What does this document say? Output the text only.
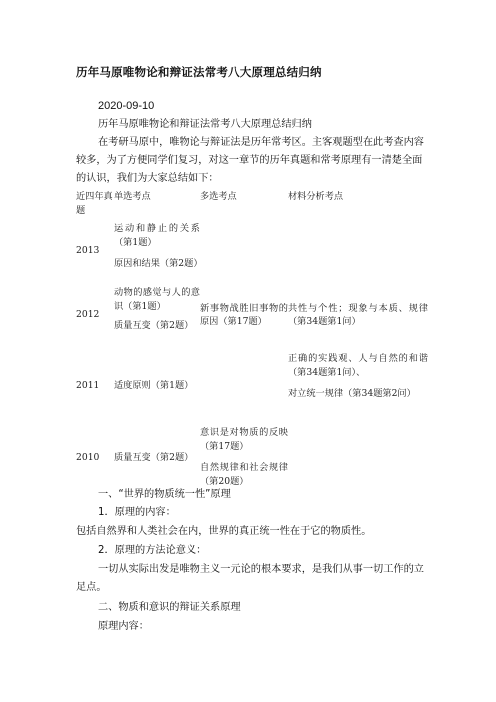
历年马原唯物论和辩证法常考八大原理总结归纳
2020-09-10
历年马原唯物论和辩证法常考八大原理总结归纳
在考研马原中，唯物论与辩证法是历年常考区。主客观题型在此考查内容较多，为了方便同学们复习，对这一章节的历年真题和常考原理有一清楚全面的认识，我们为大家总结如下：
近四年真题	单选考点	多选考点	材料分析考点
2013	运动和静止的关系（第1题）
原因和结果（第2题）		

2012	动物的感觉与人的意识（第1题）
质量互变（第2题）	新事物战胜旧事物的原因（第17题）	共性与个性；现象与本质、规律（第34题第1问）

2011	适度原则（第1题）		正确的实践观、人与自然的和谐（第34题第1问）、
对立统一规律（第34题第2问）

2010	质量互变（第2题）	意识是对物质的反映（第17题）
自然规律和社会规律（第20题）	

一、“世界的物质统一性”原理
1．原理的内容：
包括自然界和人类社会在内，世界的真正统一性在于它的物质性。
2．原理的方法论意义：
一切从实际出发是唯物主义一元论的根本要求，是我们从事一切工作的立足点。
二、物质和意识的辩证关系原理
原理内容：
